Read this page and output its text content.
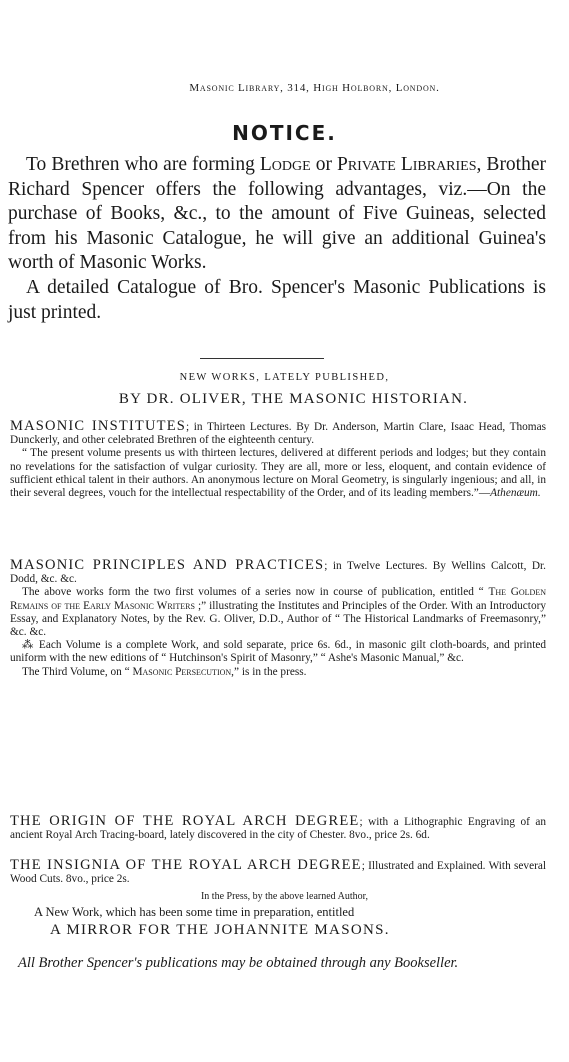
Masonic Library, 314, High Holborn, London.
NOTICE.

To Brethren who are forming Lodge or Private Libraries, Brother Richard Spencer offers the following advantages, viz.—On the purchase of Books, &c., to the amount of Five Guineas, selected from his Masonic Catalogue, he will give an additional Guinea's worth of Masonic Works.

A detailed Catalogue of Bro. Spencer's Masonic Publications is just printed.

NEW WORKS, LATELY PUBLISHED,
BY DR. OLIVER, THE MASONIC HISTORIAN.
MASONIC INSTITUTES; in Thirteen Lectures. By Dr. Anderson, Martin Clare, Isaac Head, Thomas Dunckerly, and other celebrated Brethren of the eighteenth century.

“ The present volume presents us with thirteen lectures, delivered at different periods and lodges; but they contain no revelations for the satisfaction of vulgar curiosity. They are all, more or less, eloquent, and contain evidence of sufficient ethical talent in their authors. An anonymous lecture on Moral Geometry, is singularly ingenious; and all, in their several degrees, vouch for the intellectual respectability of the Order, and of its leading members.”—Athenæum.

MASONIC PRINCIPLES AND PRACTICES; in Twelve Lectures. By Wellins Calcott, Dr. Dodd, &c. &c.

The above works form the two first volumes of a series now in course of publication, entitled “ The Golden Remains of the Early Masonic Writers ;” illustrating the Institutes and Principles of the Order. With an Introductory Essay, and Explanatory Notes, by the Rev. G. Oliver, D.D., Author of “ The Historical Landmarks of Freemasonry,” &c. &c.

⁂ Each Volume is a complete Work, and sold separate, price 6s. 6d., in masonic gilt cloth-boards, and printed uniform with the new editions of “ Hutchinson's Spirit of Masonry,” “ Ashe's Masonic Manual,” &c.

The Third Volume, on “ Masonic Persecution,” is in the press.

THE ORIGIN OF THE ROYAL ARCH DEGREE; with a Lithographic Engraving of an ancient Royal Arch Tracing-board, lately discovered in the city of Chester. 8vo., price 2s. 6d.
THE INSIGNIA OF THE ROYAL ARCH DEGREE; Illustrated and Explained. With several Wood Cuts. 8vo., price 2s.
In the Press, by the above learned Author,
A New Work, which has been some time in preparation, entitled
A MIRROR FOR THE JOHANNITE MASONS.
All Brother Spencer's publications may be obtained through any Bookseller.
